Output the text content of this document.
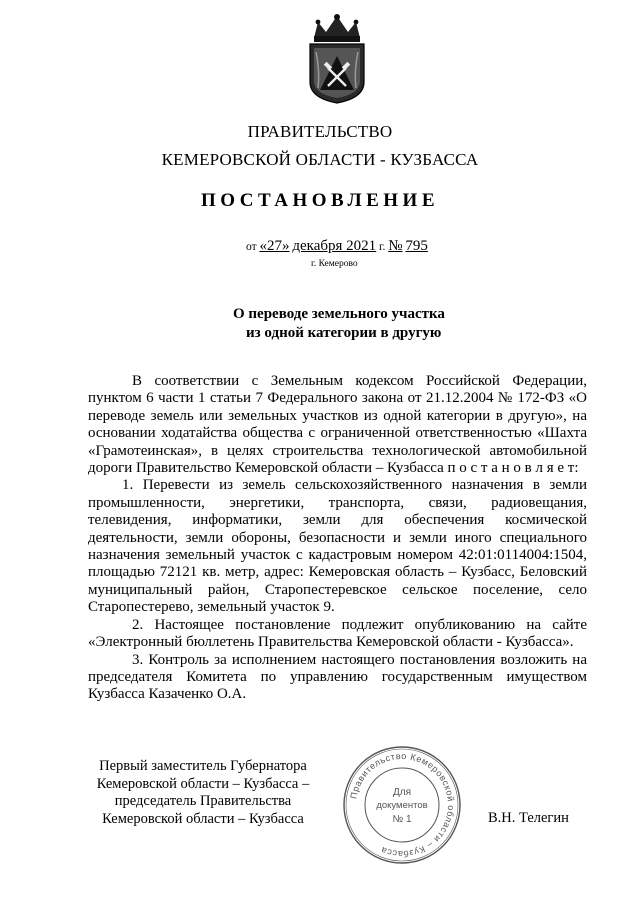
ПРАВИТЕЛЬСТВО
КЕМЕРОВСКОЙ ОБЛАСТИ - КУЗБАССА
ПОСТАНОВЛЕНИЕ
от «27» декабря 2021 г. № 795
г. Кемерово
О переводе земельного участка
из одной категории в другую

В соответствии с Земельным кодексом Российской Федерации, пунктом 6 части 1 статьи 7 Федерального закона от 21.12.2004 № 172-ФЗ «О переводе земель или земельных участков из одной категории в другую», на основании ходатайства общества с ограниченной ответственностью «Шахта «Грамотеинская», в целях строительства технологической автомобильной дороги Правительство Кемеровской области – Кузбасса п о с т а н о в л я е т:

1. Перевести из земель сельскохозяйственного назначения в земли промышленности, энергетики, транспорта, связи, радиовещания, телевидения, информатики, земли для обеспечения космической деятельности, земли обороны, безопасности и земли иного специального назначения земельный участок с кадастровым номером 42:01:0114004:1504, площадью 72121 кв. метр, адрес: Кемеровская область – Кузбасс, Беловский муниципальный район, Старопестеревское сельское поселение, село Старопестерево, земельный участок 9.

2. Настоящее постановление подлежит опубликованию на сайте «Электронный бюллетень Правительства Кемеровской области - Кузбасса».

3. Контроль за исполнением настоящего постановления возложить на председателя Комитета по управлению государственным имуществом Кузбасса Казаченко О.А.

Первый заместитель Губернатора
Кемеровской области – Кузбасса –
председатель Правительства
Кемеровской области – Кузбасса
Правительство Кемеровской области – Кузбасса
Для
документов
№ 1	В.Н. Телегин
